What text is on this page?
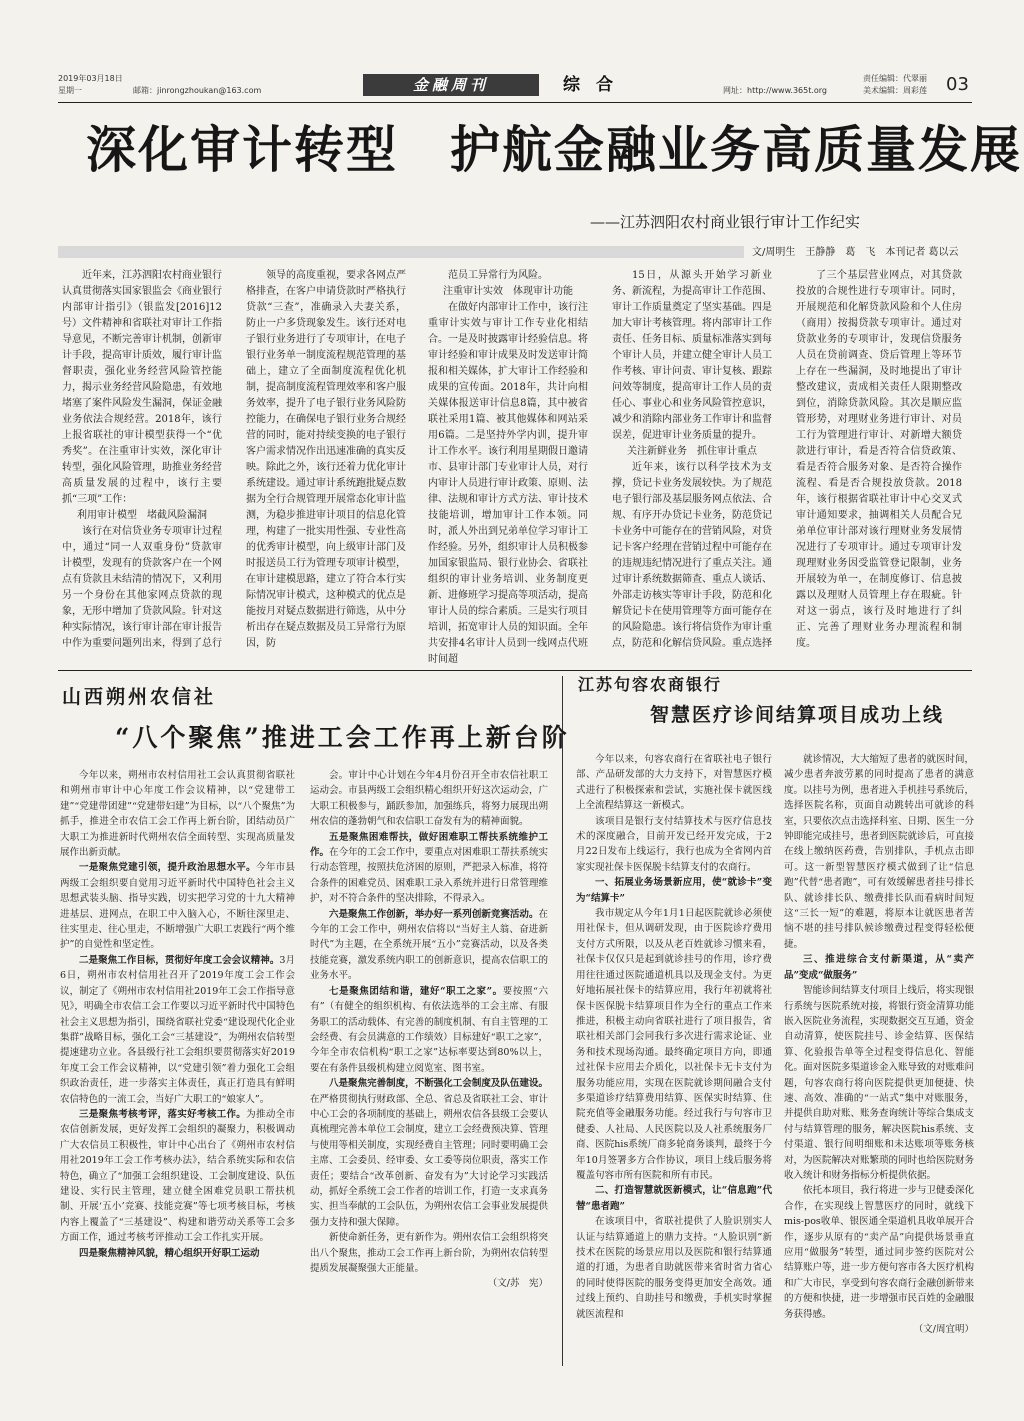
2019年03月18日
星期一	邮箱：jinrongzhoukan@163.com	金融周刊	综合	网址：http://www.365t.org
责任编辑：代翠丽
美术编辑：周彩莲 03
深化审计转型　护航金融业务高质量发展
——江苏泗阳农村商业银行审计工作纪实
文/周明生　王静静　葛　飞　本刊记者 葛以云

近年来，江苏泗阳农村商业银行认真贯彻落实国家银监会《商业银行内部审计指引》（银监发[2016]12号）文件精神和省联社对审计工作指导意见，不断完善审计机制，创新审计手段，提高审计质效，履行审计监督职责，强化业务经营风险管控能力，揭示业务经营风险隐患，有效地堵塞了案件风险发生漏洞，保证金融业务依法合规经营。2018年，该行上报省联社的审计模型获得一个“优秀奖”。在注重审计实效，深化审计转型，强化风险管理，助推业务经营高质量发展的过程中，该行主要抓“三项”工作：

利用审计模型　堵截风险漏洞

该行在对信贷业务专项审计过程中，通过“同一人双重身份”贷款审计模型，发现有的贷款客户在一个网点有贷款且未结清的情况下，又利用另一个身份在其他家网点贷款的现象，无形中增加了贷款风险。针对这种实际情况，该行审计部在审计报告中作为重要问题列出来，得到了总行

领导的高度重视，要求各网点严格排查，在客户申请贷款时严格执行贷款“三查”，准确录入夫妻关系，防止一户多贷现象发生。该行还对电子银行业务进行了专项审计，在电子银行业务单一制度流程规范管理的基础上，建立了全面制度流程优化机制，提高制度流程管理效率和客户服务效率，提升了电子银行业务风险防控能力，在确保电子银行业务合规经营的同时，能对持续变换的电子银行客户需求情况作出迅速准确的真实反映。除此之外，该行还着力优化审计系统建设。通过审计系统跑批疑点数据为全行合规管理开展常态化审计监测，为稳步推进审计项目的信息化管理，构建了一批实用性强、专业性高的优秀审计模型，向上级审计部门及时报送员工行为管理专项审计模型，在审计建模思路，建立了符合本行实际情况审计模式，这种模式的优点是能按月对疑点数据进行筛选，从中分析出存在疑点数据及员工异常行为原因，防

范员工异常行为风险。

注重审计实效　体现审计功能

在做好内部审计工作中，该行注重审计实效与审计工作专业化相结合。一是及时披露审计经验信息。将审计经验和审计成果及时发送审计简报和相关媒体，扩大审计工作经验和成果的宣传面。2018年，共计向相关媒体报送审计信息8篇，其中被省联社采用1篇、被其他媒体和网站采用6篇。二是坚持外学内训，提升审计工作水平。该行利用星期假日邀请市、县审计部门专业审计人员，对行内审计人员进行审计政策、原则、法律、法规和审计方式方法、审计技术技能培训，增加审计工作本领。同时，派人外出到兄弟单位学习审计工作经验。另外，组织审计人员积极参加国家银监局、银行业协会、省联社组织的审计业务培训、业务制度更新、进修班学习提高等项活动，提高审计人员的综合素质。三是实行项目培训，拓宽审计人员的知识面。全年共安排4名审计人员到一线网点代班时间超

15日，从源头开始学习新业务、新流程，为提高审计工作范围、审计工作质量奠定了坚实基础。四是加大审计考核管理。将内部审计工作责任、任务目标、质量标准落实到每个审计人员，并建立健全审计人员工作考核、审计问责、审计复核、跟踪问效等制度，提高审计工作人员的责任心、事业心和业务风险管控意识，减少和消除内部业务工作审计和监督误差，促进审计业务质量的提升。

关注新鲜业务　抓住审计重点

近年来，该行以科学技术为支撑，贷记卡业务发展较快。为了规范电子银行部及基层服务网点依法、合规、有序开办贷记卡业务，防范贷记卡业务中可能存在的营销风险，对贷记卡客户经理在营销过程中可能存在的违规违纪情况进行了重点关注。通过审计系统数据筛查、重点人谈话、外部走访核实等审计手段，防范和化解贷记卡在使用管理等方面可能存在的风险隐患。该行将信贷作为审计重点，防范和化解信贷风险。重点选择

了三个基层营业网点，对其贷款投放的合规性进行专项审计。同时，开展规范和化解贷款风险和个人住房（商用）按揭贷款专项审计。通过对贷款业务的专项审计，发现信贷服务人员在贷前调查、贷后管理上等环节上存在一些漏洞，及时地提出了审计整改建议，责成相关责任人限期整改到位，消除贷款风险。其次是顺应监管形势，对理财业务进行审计、对员工行为管理进行审计、对新增大额贷款进行审计，看是否符合信贷政策、看是否符合服务对象、是否符合操作流程、看是否合规投放贷款。2018年，该行根据省联社审计中心交叉式审计通知要求，抽调相关人员配合兄弟单位审计部对该行理财业务发展情况进行了专项审计。通过专项审计发现理财业务因受监管登记限制，业务开展较为单一，在制度修订、信息披露以及理财人员管理上存在瑕疵。针对这一弱点，该行及时地进行了纠正、完善了理财业务办理流程和制度。

山西朔州农信社
“八个聚焦”推进工会工作再上新台阶

今年以来，朔州市农村信用社工会认真贯彻省联社和朔州市审计中心年度工作会议精神，以“党建带工建”“党建带团建”“党建带妇建”为目标，以“八个聚焦”为抓手，推进全市农信工会工作再上新台阶，团结动员广大职工为推进新时代朔州农信全面转型、实现高质量发展作出新贡献。

一是聚焦党建引领，提升政治思想水平。今年市县两级工会组织要自觉用习近平新时代中国特色社会主义思想武装头脑、指导实践，切实把学习党的十九大精神进基层、进网点，在职工中入脑入心，不断往深里走、往实里走、往心里走，不断增强广大职工衷践行“两个维护”的自觉性和坚定性。

二是聚焦工作目标，贯彻好年度工会会议精神。3月6日，朔州市农村信用社召开了2019年度工会工作会议，制定了《朔州市农村信用社2019年工会工作指导意见》，明确全市农信工会工作要以习近平新时代中国特色社会主义思想为指引，围绕省联社党委“建设现代化企业集群”战略目标，强化工会“三基建设”，为朔州农信转型提速建功立业。各县级行社工会组织要贯彻落实好2019年度工会工作会议精神，以“党建引领”着力强化工会组织政治责任，进一步落实主体责任，真正打造具有鲜明农信特色的一流工会，当好广大职工的“娘家人”。

三是聚焦考核考评，落实好考核工作。为推动全市农信创新发展，更好发挥工会组织的凝聚力，积极调动广大农信员工积极性，审计中心出台了《朔州市农村信用社2019年工会工作考核办法》，结合系统实际和农信特色，确立了“加强工会组织建设、工会制度建设、队伍建设、实行民主管理，建立健全困难党员职工帮扶机制、开展‘五小’竞赛、技能竞赛”等七项考核目标，考核内容上覆盖了“三基建设”、构建和谐劳动关系等工会多方面工作，通过考核考评推动工会工作扎实开展。

四是聚焦精神风貌，精心组织开好职工运动

会。审计中心计划在今年4月份召开全市农信社职工运动会。市县两级工会组织精心组织开好这次运动会，广大职工积极参与，踊跃参加，加强练兵，将努力展现出朔州农信的蓬勃朝气和农信职工奋发有为的精神面貌。

五是聚焦困难帮扶，做好困难职工帮扶系统维护工作。在今年的工会工作中，要重点对困难职工帮扶系统实行动态管理，按照扶危济困的原则，严把录入标准，将符合条件的困难党员、困难职工录入系统并进行日常管理维护，对不符合条件的坚决排除，不得录入。

六是聚焦工作创新，举办好一系列创新竞赛活动。在今年的工会工作中，朔州农信将以“当好主人翁、奋进新时代”为主题，在全系统开展“五小”竞赛活动，以及各类技能竞赛，激发系统内职工的创新意识，提高农信职工的业务水平。

七是聚焦团结和谐，建好“职工之家”。要按照“六有”（有健全的组织机构、有依法选举的工会主席、有服务职工的活动载体、有完善的制度机制、有自主管理的工会经费、有会员满意的工作绩效）目标建好“职工之家”，今年全市农信机构“职工之家”达标率要达到80%以上，要在有条件县级机构建立阅览室、图书室。

八是聚焦完善制度，不断强化工会制度及队伍建设。在严格贯彻执行财政部、全总、省总及省联社工会、审计中心工会的各项制度的基础上，朔州农信各县级工会要认真梳理完善本单位工会制度，建立工会经费预决算、管理与使用等相关制度，实现经费自主管理；同时要明确工会主席、工会委员、经审委、女工委等岗位职责，落实工作责任；要结合“改革创新、奋发有为”大讨论学习实践活动，抓好全系统工会工作者的培训工作，打造一支求真务实、担当奉献的工会队伍，为朔州农信工会事业发展提供强力支持和强大保障。

新使命新任务，更有新作为。朔州农信工会组织将突出八个聚焦，推动工会工作再上新台阶，为朔州农信转型提质发展凝聚强大正能量。

（文/苏　宪）

江苏句容农商银行
智慧医疗诊间结算项目成功上线

今年以来，句容农商行在省联社电子银行部、产品研发部的大力支持下，对智慧医疗模式进行了积极探索和尝试，实施社保卡就医线上全流程结算这一新模式。

该项目是银行支付结算技术与医疗信息技术的深度融合，目前开发已经开发完成，于2月22日发布上线运行，我行也成为全省网内首家实现社保卡医保脱卡结算支付的农商行。

一、拓展业务场景新应用，使“就诊卡”变为“结算卡”

我市规定从今年1月1日起医院就诊必须使用社保卡，但从调研发现，由于医院诊疗费用支付方式所限，以及从老百姓就诊习惯来看，社保卡仅仅只是起到就诊挂号的作用，诊疗费用往往通过医院通道机具以及现金支付。为更好地拓展社保卡的结算应用，我行年初就将社保卡医保脱卡结算项目作为全行的重点工作来推进，积极主动向省联社进行了项目报告，省联社相关部门会同我行多次进行需求论证、业务和技术现场沟通。最终确定项目方向，即通过社保卡应用去介质化，以社保卡无卡支付为服务功能应用，实现在医院就诊期间融合支付多渠道诊疗结算费用结算、医保实时结算、住院充值等金融服务功能。经过我行与句容市卫健委、人社局、人民医院以及人社系统服务厂商、医院his系统厂商多轮商务谈判，最终于今年10月签署多方合作协议，项目上线后服务将覆盖句容市所有医院和所有市民。

二、打造智慧就医新模式，让“信息跑”代替“患者跑”

在该项目中，省联社提供了人脸识别实人认证与结算通道上的鼎力支持。“人脸识别”新技术在医院的场景应用以及医院和银行结算通道的打通，为患者自助就医带来省时省力省心的同时使得医院的服务变得更加安全高效。通过线上预约、自助挂号和缴费，手机实时掌握就医流程和

就诊情况，大大缩短了患者的就医时间，减少患者奔波劳累的同时提高了患者的满意度。以挂号为例，患者进入手机挂号系统后，选择医院名称，页面自动跳转出可就诊的科室，只要依次点击选择科室、日期、医生一分钟即能完成挂号，患者到医院就诊后，可直接在线上缴纳医药费，告别排队，手机点击即可。这一新型智慧医疗模式做到了让“信息跑”代替“患者跑”，可有效缓解患者挂号排长队、就诊排长队、缴费排长队而看病时间短这“三长一短”的难题，将原本让就医患者苦恼不堪的挂号排队候诊缴费过程变得轻松便捷。

三、推进综合支付新渠道，从“卖产品”变成“做服务”

智能诊间结算支付项目上线后，将实现银行系统与医院系统对接，将银行资金清算功能嵌入医院业务流程，实现数据交互互通，资金自动清算，使医院挂号、诊金结算、医保结算、化验报告单等全过程变得信息化、智能化。面对医院多渠道诊金入账导致的对账难问题，句容农商行将向医院提供更加便捷、快速、高效、准确的“一站式”集中对账服务，并提供自助对账、账务查询统计等综合集成支付与结算管理的服务，解决医院his系统、支付渠道、银行间明细账和未达账项等账务核对，为医院解决对账繁琐的同时也给医院财务收入统计和财务指标分析提供依据。

依托本项目，我行将进一步与卫健委深化合作，在实现线上智慧医疗的同时，就线下mis-pos收单、银医通全渠道机具收单展开合作，逐步从原有的“卖产品”向提供场景垂直应用“做服务”转型，通过同步签约医院对公结算账户等，进一步方便句容市各大医疗机构和广大市民，享受到句容农商行金融创新带来的方便和快捷，进一步增强市民百姓的金融服务获得感。

（文/周宜明）
